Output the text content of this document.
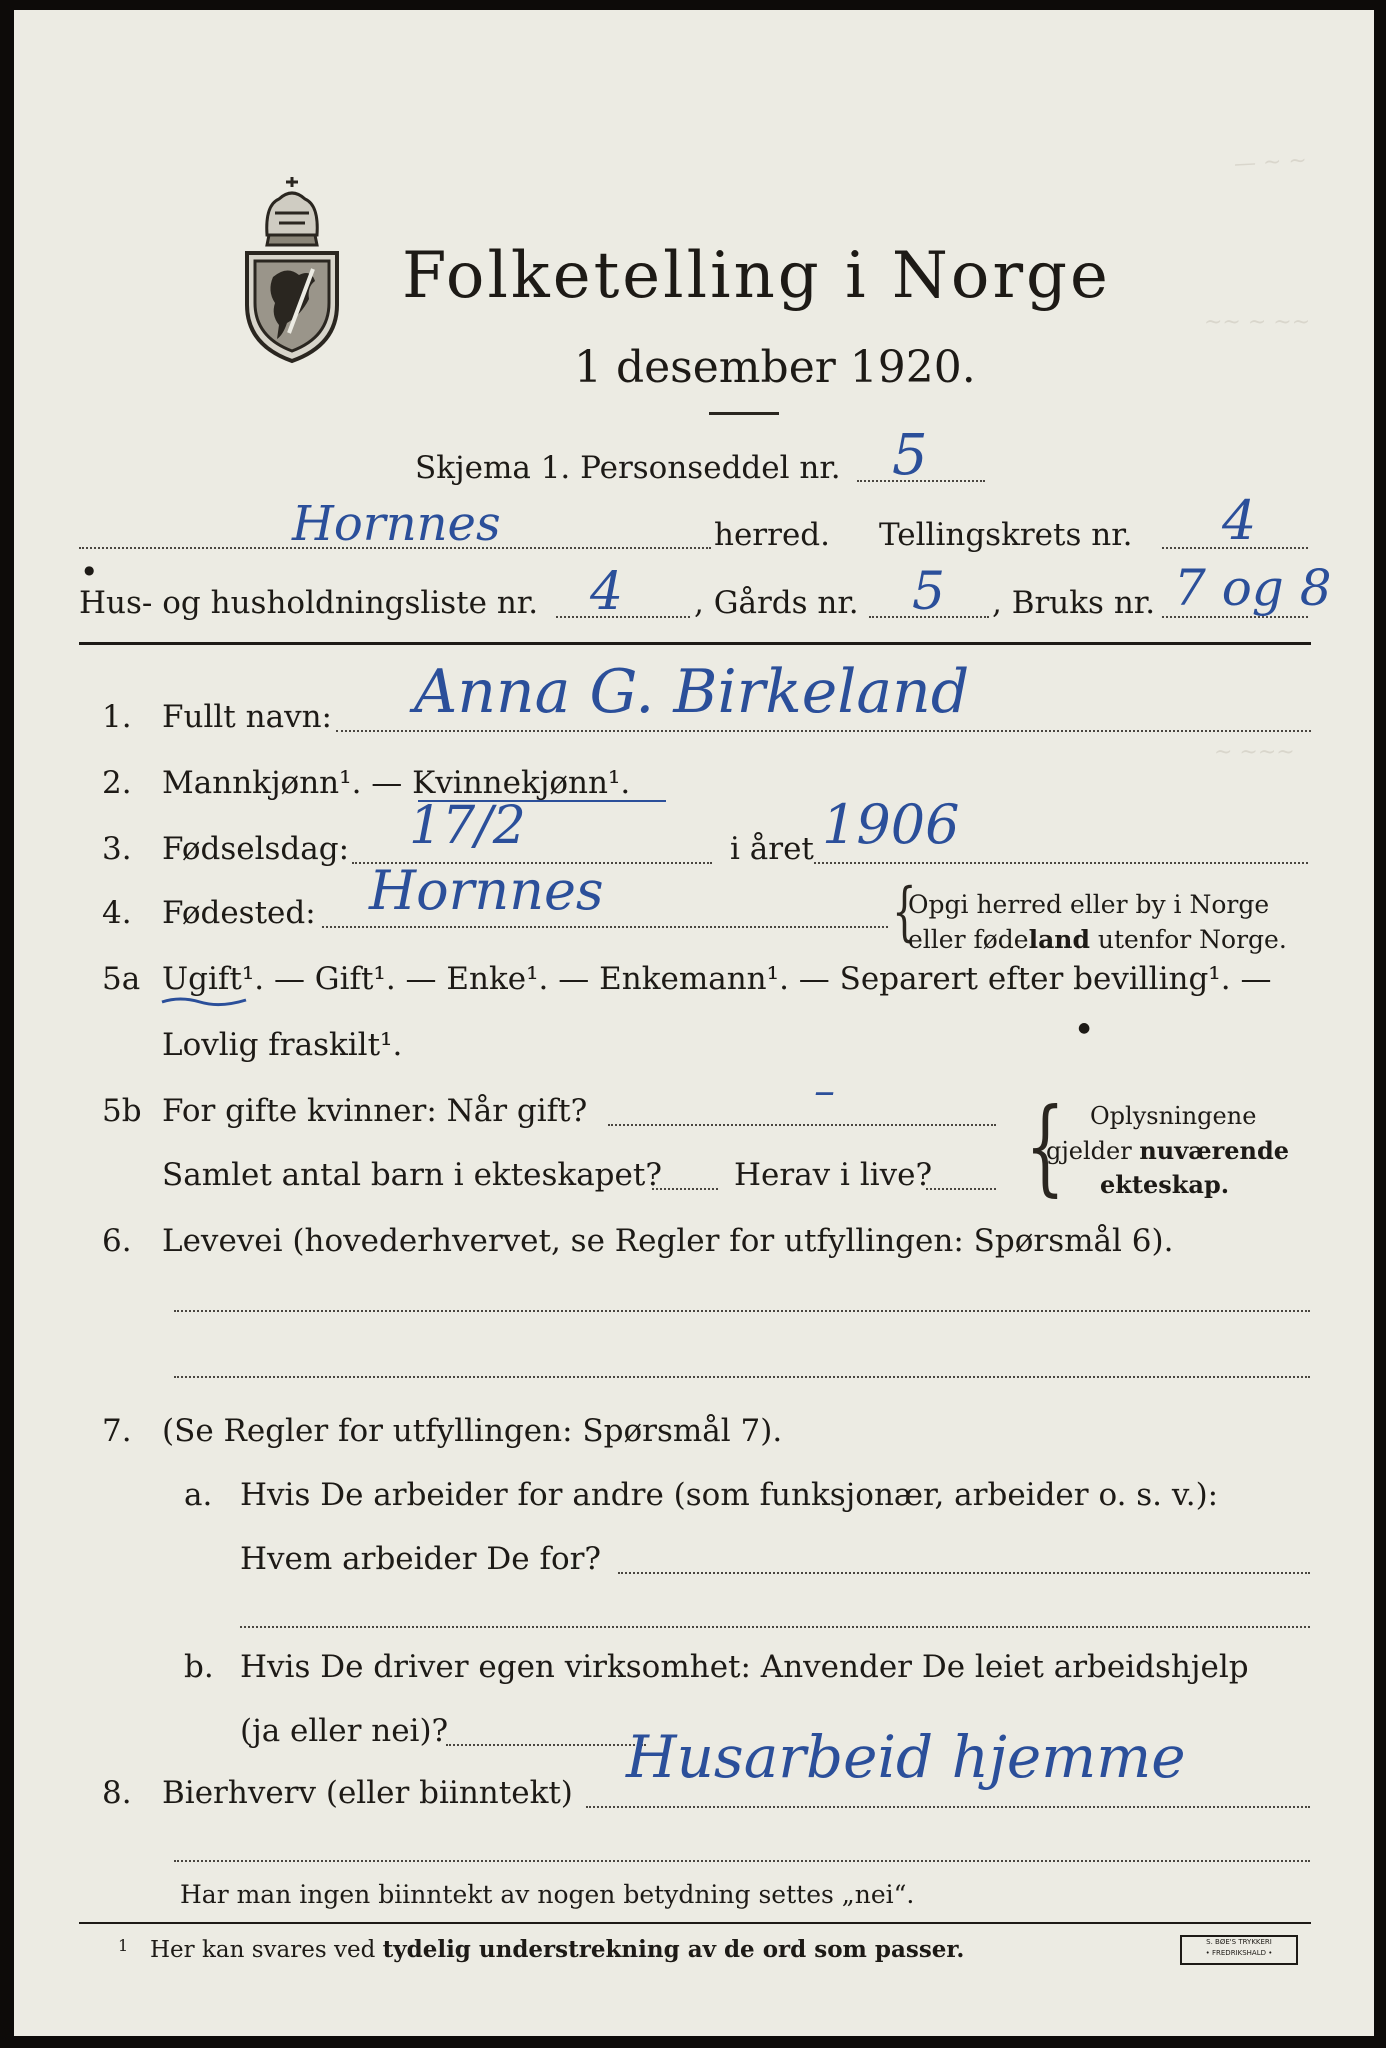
— ~ ~
~~ ~ ~~
~ ~~~
Folketelling i Norge
1 desember 1920.
Skjema 1. Personseddel nr. 5
Hornnes	herred. Tellingskrets nr. 4
●
Hus- og husholdningsliste nr. 4 , Gårds nr. 5 , Bruks nr. 7 og 8
1. Fullt navn: Anna G. Birkeland
2. Mannkjønn¹. — Kvinnekjønn¹.
3. Fødselsdag: 17/2	i året 1906
4. Fødested: Hornnes	{
Opgi herred eller by i Norge
eller fødeland utenfor Norge.
5a Ugift¹. — Gift¹. — Enke¹. — Enkemann¹. — Separert efter bevilling¹. —
Lovlig fraskilt¹.	●
5b For gifte kvinner: Når gift?	–
Samlet antal barn i ekteskapet? Herav i live? { Oplysningene
gjelder nuværende
ekteskap.
6. Levevei (hovederhvervet, se Regler for utfyllingen: Spørsmål 6).
7. (Se Regler for utfyllingen: Spørsmål 7).
a. Hvis De arbeider for andre (som funksjonær, arbeider o. s. v.):
Hvem arbeider De for?
b. Hvis De driver egen virksomhet: Anvender De leiet arbeidshjelp
(ja eller nei)?
8. Bierhverv (eller biinntekt)
Husarbeid hjemme
Har man ingen biinntekt av nogen betydning settes „nei“.
1 Her kan svares ved tydelig understrekning av de ord som passer.	S. BØE'S TRYKKERI
• FREDRIKSHALD •
